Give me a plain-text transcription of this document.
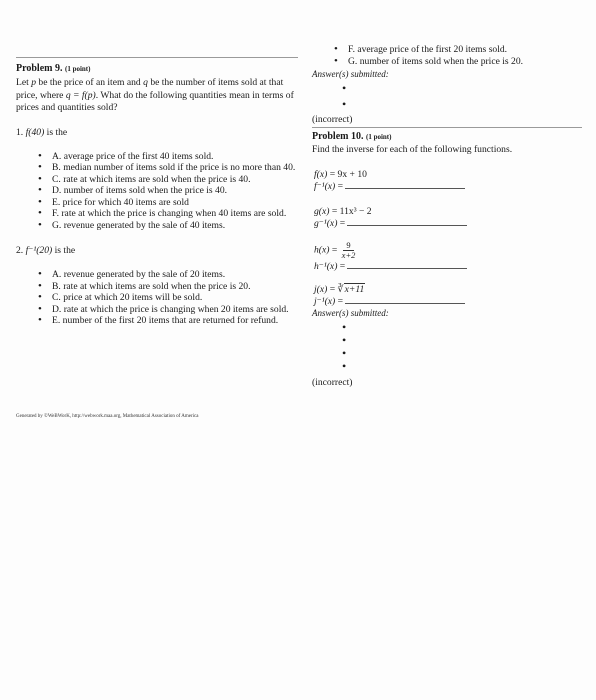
Problem 9. (1 point)
Let p be the price of an item and q be the number of items sold at that price, where q = f(p). What do the following quantities mean in terms of prices and quantities sold?
1. f(40) is the
• A. average price of the first 40 items sold.
• B. median number of items sold if the price is no more than 40.
• C. rate at which items are sold when the price is 40.
• D. number of items sold when the price is 40.
• E. price for which 40 items are sold
• F. rate at which the price is changing when 40 items are sold.
• G. revenue generated by the sale of 40 items.
2. f⁻¹(20) is the
• A. revenue generated by the sale of 20 items.
• B. rate at which items are sold when the price is 20.
• C. price at which 20 items will be sold.
• D. rate at which the price is changing when 20 items are sold.
• E. number of the first 20 items that are returned for refund.
Generated by ©WeBWorK, http://webwork.maa.org, Mathematical Association of America
• F. average price of the first 20 items sold.
• G. number of items sold when the price is 20.
Answer(s) submitted:
•
•
(incorrect)
Problem 10. (1 point)
Find the inverse for each of the following functions.
f(x) = 9x + 10
f⁻¹(x) =
g(x) = 11x³ − 2
g⁻¹(x) =
$h(x) = \frac{9}{x+2}$
h⁻¹(x) =
j(x) = ∛x+11
j⁻¹(x) =
Answer(s) submitted:
•
•
•
•
(incorrect)
